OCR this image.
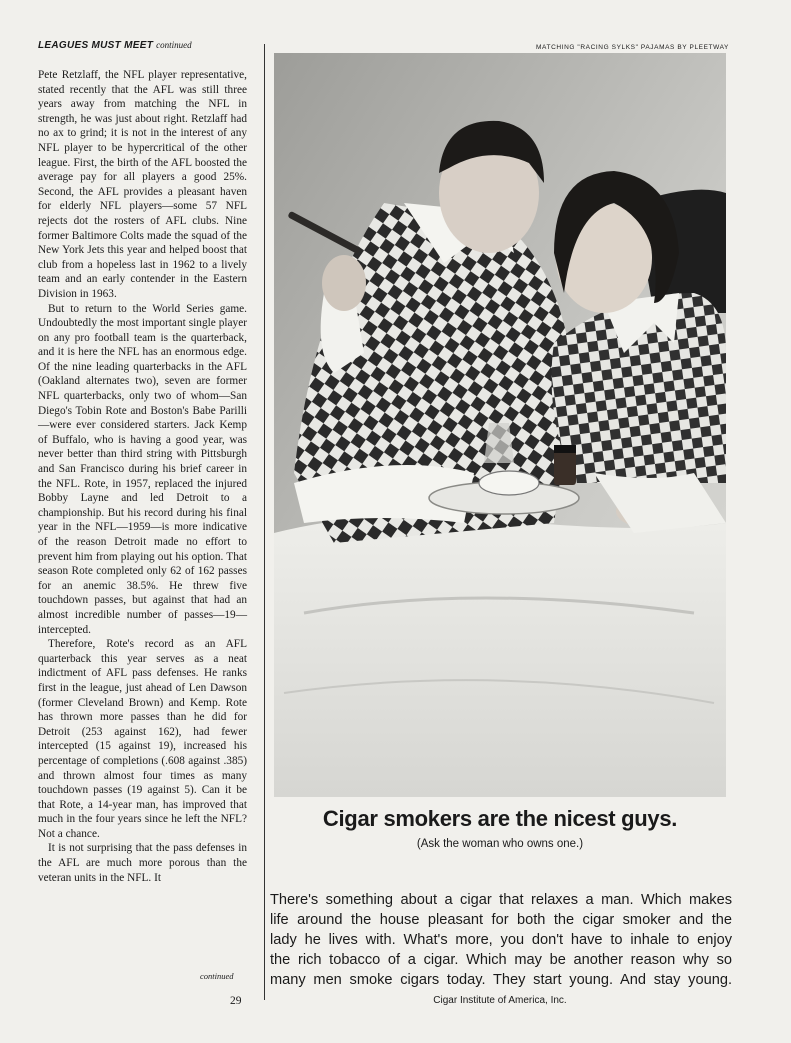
LEAGUES MUST MEET continued	MATCHING "RACING SYLKS" PAJAMAS BY PLEETWAY

Pete Retzlaff, the NFL player representative, stated recently that the AFL was still three years away from matching the NFL in strength, he was just about right. Retzlaff had no ax to grind; it is not in the interest of any NFL player to be hypercritical of the other league. First, the birth of the AFL boosted the average pay for all players a good 25%. Second, the AFL provides a pleasant haven for elderly NFL players—some 57 NFL rejects dot the rosters of AFL clubs. Nine former Baltimore Colts made the squad of the New York Jets this year and helped boost that club from a hopeless last in 1962 to a lively team and an early contender in the Eastern Division in 1963.

But to return to the World Series game. Undoubtedly the most important single player on any pro football team is the quarterback, and it is here the NFL has an enormous edge. Of the nine leading quarterbacks in the AFL (Oakland alternates two), seven are former NFL quarterbacks, only two of whom—San Diego's Tobin Rote and Boston's Babe Parilli—were ever considered starters. Jack Kemp of Buffalo, who is having a good year, was never better than third string with Pittsburgh and San Francisco during his brief career in the NFL. Rote, in 1957, replaced the injured Bobby Layne and led Detroit to a championship. But his record during his final year in the NFL—1959—is more indicative of the reason Detroit made no effort to prevent him from playing out his option. That season Rote completed only 62 of 162 passes for an anemic 38.5%. He threw five touchdown passes, but against that had an almost incredible number of passes—19—intercepted.

Therefore, Rote's record as an AFL quarterback this year serves as a neat indictment of AFL pass defenses. He ranks first in the league, just ahead of Len Dawson (former Cleveland Brown) and Kemp. Rote has thrown more passes than he did for Detroit (253 against 162), had fewer intercepted (15 against 19), increased his percentage of completions (.608 against .385) and thrown almost four times as many touchdown passes (19 against 5). Can it be that Rote, a 14-year man, has improved that much in the four years since he left the NFL? Not a chance.

It is not surprising that the pass defenses in the AFL are much more porous than the veteran units in the NFL. It

continued
29
Cigar smokers are the nicest guys.
(Ask the woman who owns one.)
There's something about a cigar that relaxes a man. Which makes
life around the house pleasant for both the cigar smoker and the
lady he lives with. What's more, you don't have to inhale to enjoy
the rich tobacco of a cigar. Which may be another reason why so
many men smoke cigars today. They start young. And stay young.
Cigar Institute of America, Inc.
